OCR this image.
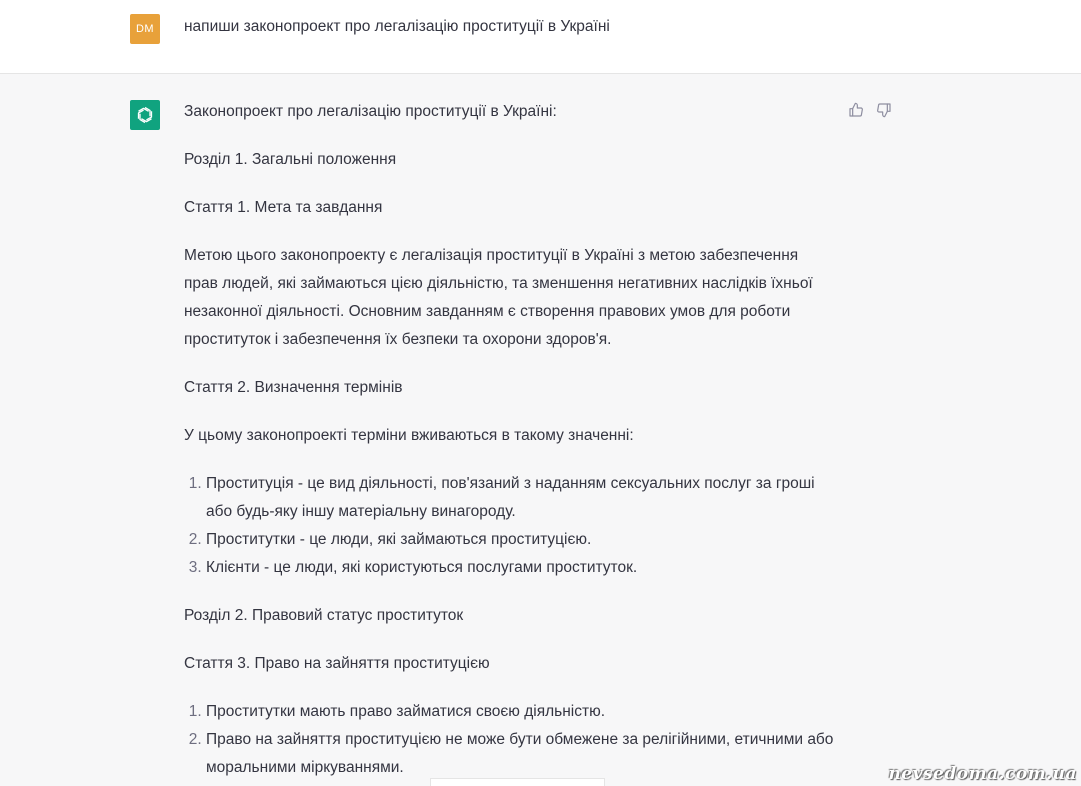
DM	напиши законопроект про легалізацію проституції в Україні

Законопроект про легалізацію проституції в Україні:

Розділ 1. Загальні положення

Стаття 1. Мета та завдання

Метою цього законопроекту є легалізація проституції в Україні з метою забезпечення прав людей, які займаються цією діяльністю, та зменшення негативних наслідків їхньої незаконної діяльності. Основним завданням є створення правових умов для роботи проституток і забезпечення їх безпеки та охорони здоров'я.

Стаття 2. Визначення термінів

У цьому законопроекті терміни вживаються в такому значенні:

1. Проституція - це вид діяльності, пов'язаний з наданням сексуальних послуг за гроші або будь-яку іншу матеріальну винагороду.
2. Проститутки - це люди, які займаються проституцією.
3. Клієнти - це люди, які користуються послугами проституток.

Розділ 2. Правовий статус проституток

Стаття 3. Право на зайняття проституцією

1. Проститутки мають право займатися своєю діяльністю.
2. Право на зайняття проституцією не може бути обмежене за релігійними, етичними або моральними міркуваннями.	nevsedoma.com.ua
